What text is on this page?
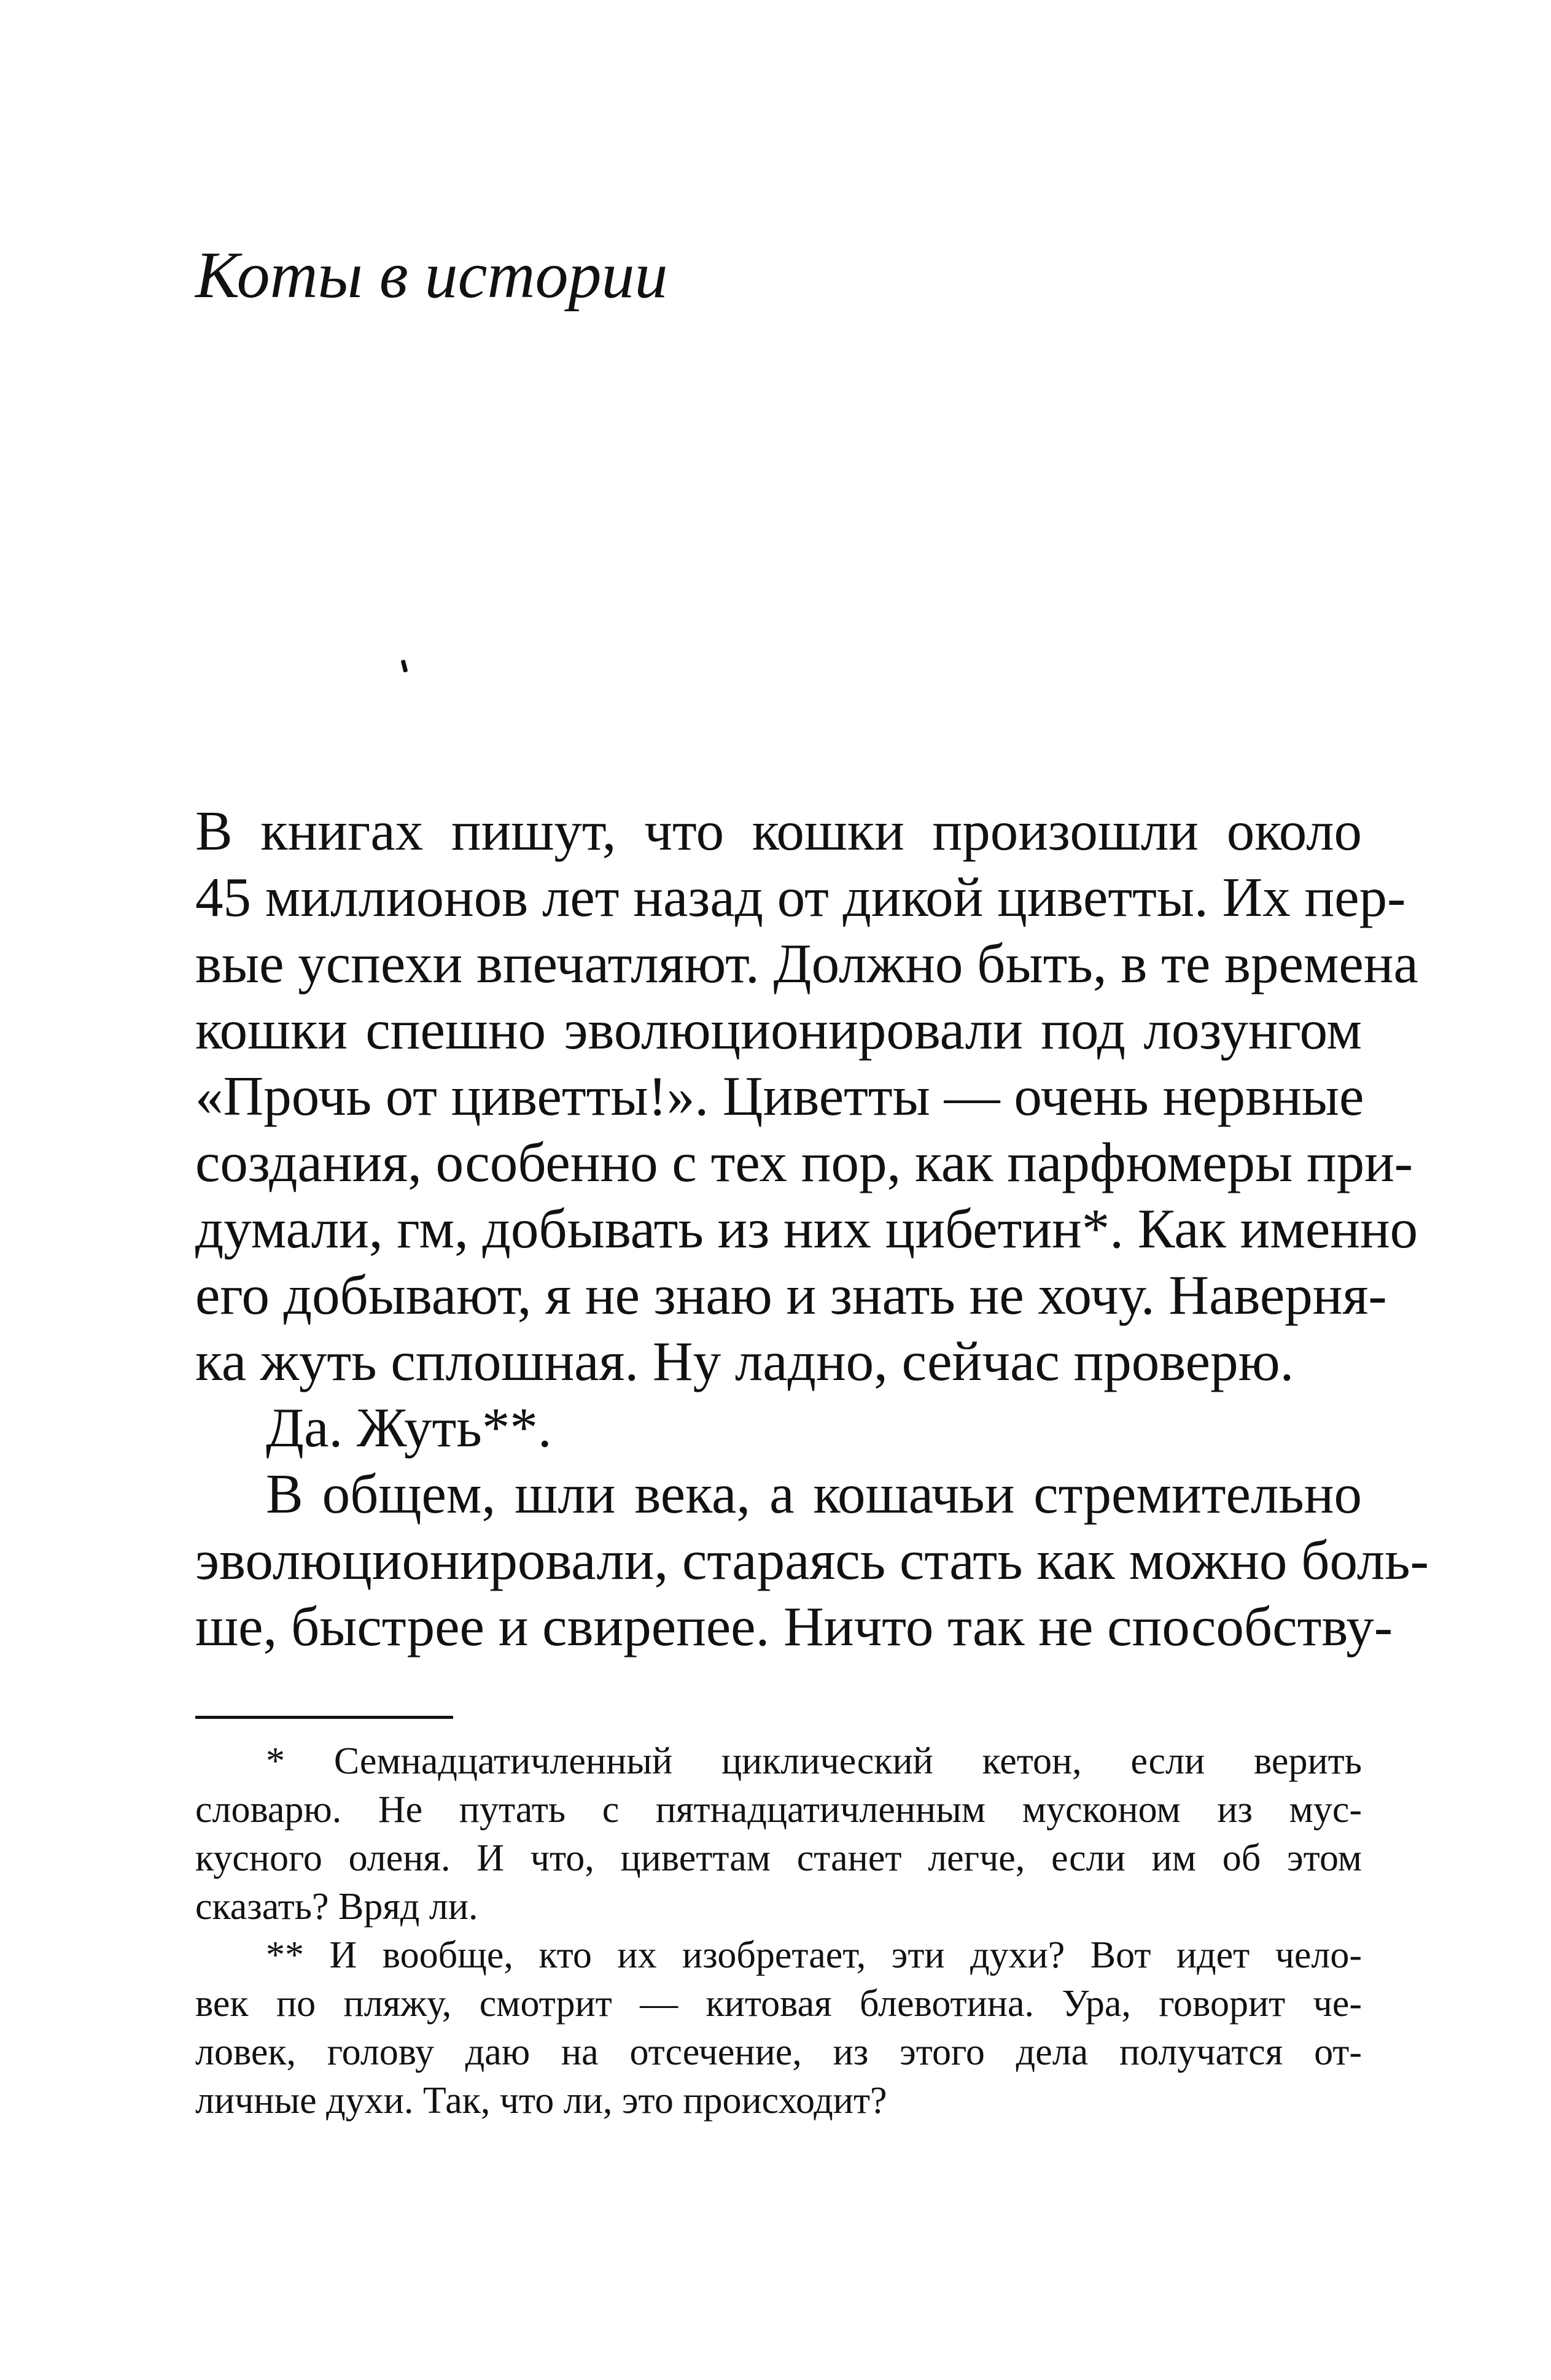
Коты в истории
В книгах пишут, что кошки произошли около
45 миллионов лет назад от дикой циветты. Их пер-
вые успехи впечатляют. Должно быть, в те времена
кошки спешно эволюционировали под лозунгом
«Прочь от циветты!». Циветты — очень нервные
создания, особенно с тех пор, как парфюмеры при-
думали, гм, добывать из них цибетин*. Как именно
его добывают, я не знаю и знать не хочу. Наверня-
ка жуть сплошная. Ну ладно, сейчас проверю.
Да. Жуть**.
В общем, шли века, а кошачьи стремительно
эволюционировали, стараясь стать как можно боль-
ше, быстрее и свирепее. Ничто так не способству-
* Семнадцатичленный циклический кетон, если верить
словарю. Не путать с пятнадцатичленным мусконом из мус-
кусного оленя. И что, циветтам станет легче, если им об этом
сказать? Вряд ли.
** И вообще, кто их изобретает, эти духи? Вот идет чело-
век по пляжу, смотрит — китовая блевотина. Ура, говорит че-
ловек, голову даю на отсечение, из этого дела получатся от-
личные духи. Так, что ли, это происходит?
